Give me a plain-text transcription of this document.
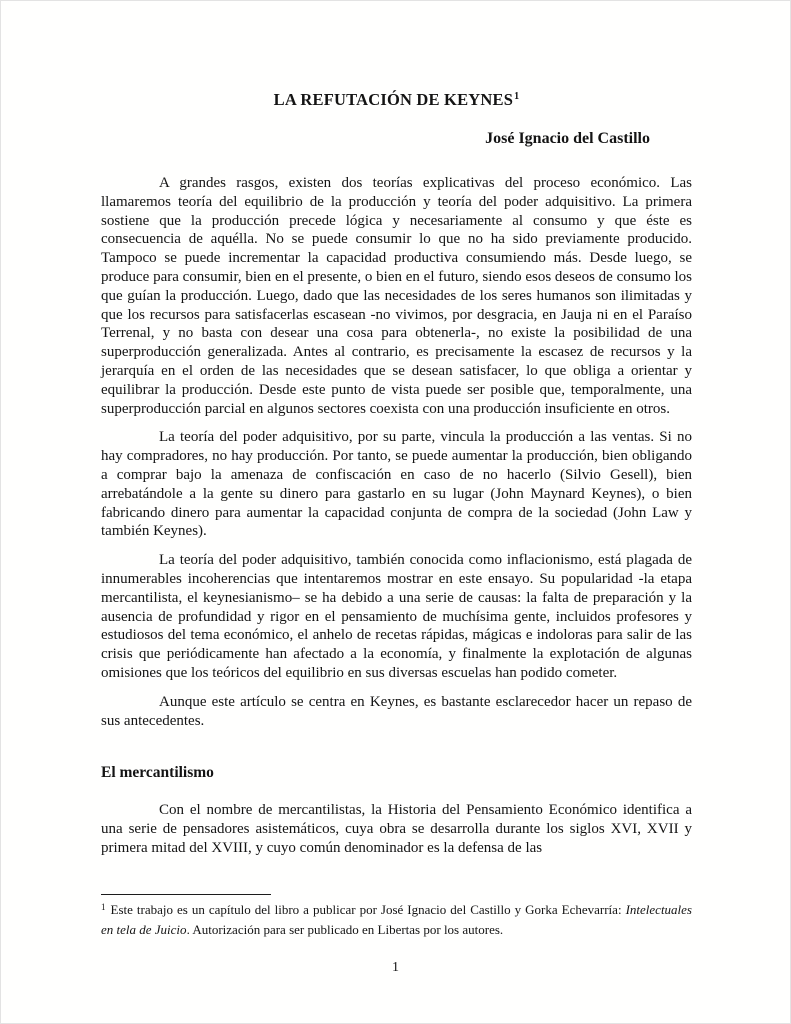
LA REFUTACIÓN DE KEYNES$^1$
José Ignacio del Castillo

A grandes rasgos, existen dos teorías explicativas del proceso económico. Las llamaremos teoría del equilibrio de la producción y teoría del poder adquisitivo. La primera sostiene que la producción precede lógica y necesariamente al consumo y que éste es consecuencia de aquélla. No se puede consumir lo que no ha sido previamente producido. Tampoco se puede incrementar la capacidad productiva consumiendo más. Desde luego, se produce para consumir, bien en el presente, o bien en el futuro, siendo esos deseos de consumo los que guían la producción. Luego, dado que las necesidades de los seres humanos son ilimitadas y que los recursos para satisfacerlas escasean -no vivimos, por desgracia, en Jauja ni en el Paraíso Terrenal, y no basta con desear una cosa para obtenerla-, no existe la posibilidad de una superproducción generalizada. Antes al contrario, es precisamente la escasez de recursos y la jerarquía en el orden de las necesidades que se desean satisfacer, lo que obliga a orientar y equilibrar la producción. Desde este punto de vista puede ser posible que, temporalmente, una superproducción parcial en algunos sectores coexista con una producción insuficiente en otros.

La teoría del poder adquisitivo, por su parte, vincula la producción a las ventas. Si no hay compradores, no hay producción. Por tanto, se puede aumentar la producción, bien obligando a comprar bajo la amenaza de confiscación en caso de no hacerlo (Silvio Gesell), bien arrebatándole a la gente su dinero para gastarlo en su lugar (John Maynard Keynes), o bien fabricando dinero para aumentar la capacidad conjunta de compra de la sociedad (John Law y también Keynes).

La teoría del poder adquisitivo, también conocida como inflacionismo, está plagada de innumerables incoherencias que intentaremos mostrar en este ensayo. Su popularidad -la etapa mercantilista, el keynesianismo– se ha debido a una serie de causas: la falta de preparación y la ausencia de profundidad y rigor en el pensamiento de muchísima gente, incluidos profesores y estudiosos del tema económico, el anhelo de recetas rápidas, mágicas e indoloras para salir de las crisis que periódicamente han afectado a la economía, y finalmente la explotación de algunas omisiones que los teóricos del equilibrio en sus diversas escuelas han podido cometer.

Aunque este artículo se centra en Keynes, es bastante esclarecedor hacer un repaso de sus antecedentes.

El mercantilismo

Con el nombre de mercantilistas, la Historia del Pensamiento Económico identifica a una serie de pensadores asistemáticos, cuya obra se desarrolla durante los siglos XVI, XVII y primera mitad del XVIII, y cuyo común denominador es la defensa de las

$^1$ Este trabajo es un capítulo del libro a publicar por José Ignacio del Castillo y Gorka Echevarría: Intelectuales en tela de Juicio. Autorización para ser publicado en Libertas por los autores.

1
